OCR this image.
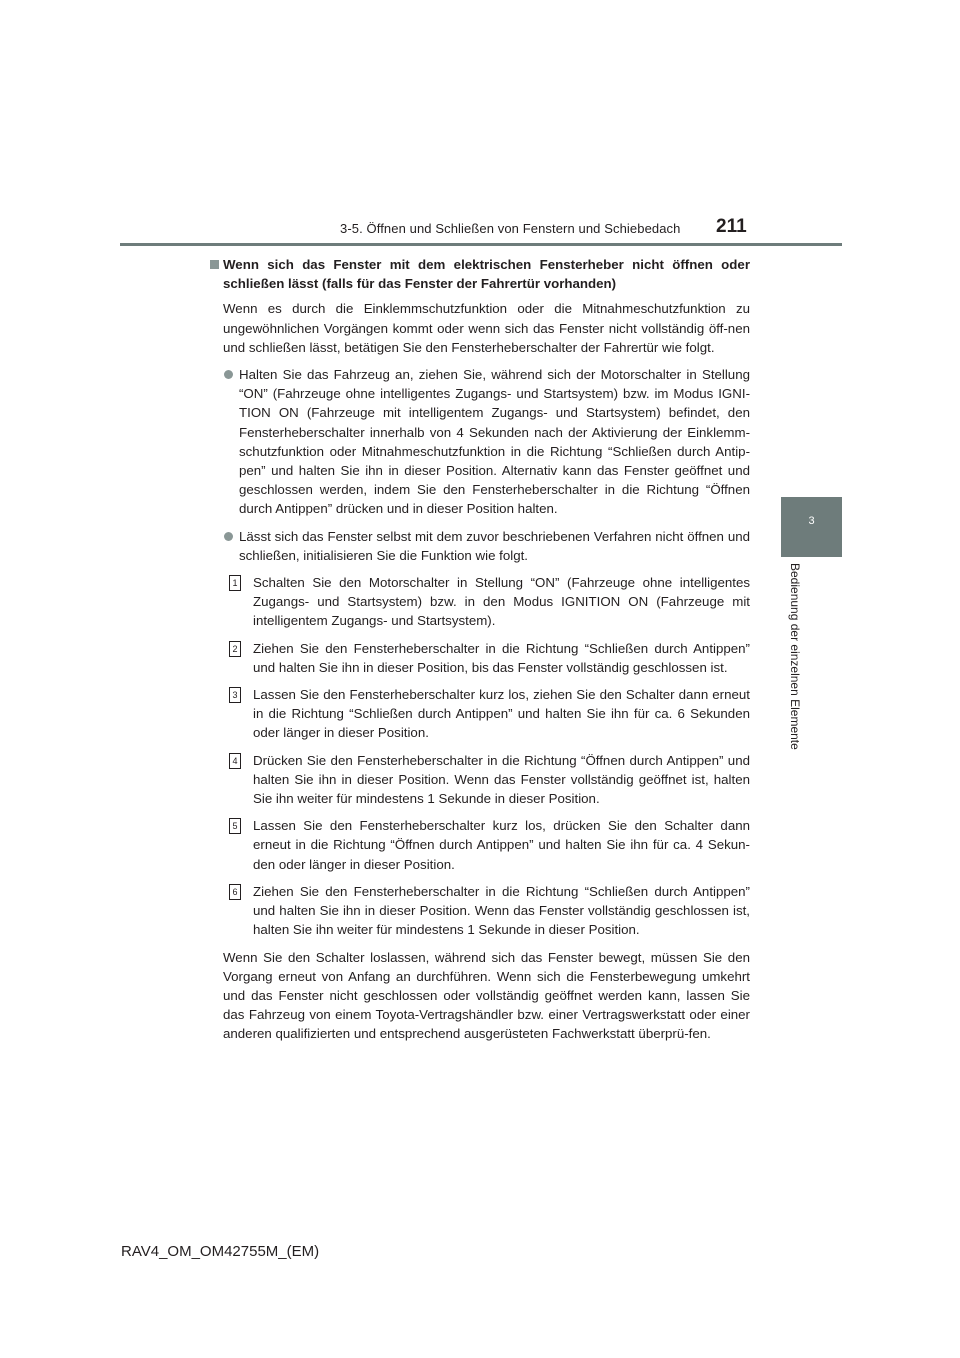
3-5. Öffnen und Schließen von Fenstern und Schiebedach 211
3
Bedienung der einzelnen Elemente
Wenn sich das Fenster mit dem elektrischen Fensterheber nicht öffnen oder schließen lässt (falls für das Fenster der Fahrertür vorhanden)
Wenn es durch die Einklemmschutzfunktion oder die Mitnahmeschutzfunktion zu ungewöhnlichen Vorgängen kommt oder wenn sich das Fenster nicht vollständig öff-nen und schließen lässt, betätigen Sie den Fensterheberschalter der Fahrertür wie folgt.
Halten Sie das Fahrzeug an, ziehen Sie, während sich der Motorschalter in Stellung “ON” (Fahrzeuge ohne intelligentes Zugangs- und Startsystem) bzw. im Modus IGNI-TION ON (Fahrzeuge mit intelligentem Zugangs- und Startsystem) befindet, den Fensterheberschalter innerhalb von 4 Sekunden nach der Aktivierung der Einklemm-schutzfunktion oder Mitnahmeschutzfunktion in die Richtung “Schließen durch Antip-pen” und halten Sie ihn in dieser Position. Alternativ kann das Fenster geöffnet und geschlossen werden, indem Sie den Fensterheberschalter in die Richtung “Öffnen durch Antippen” drücken und in dieser Position halten.
Lässt sich das Fenster selbst mit dem zuvor beschriebenen Verfahren nicht öffnen und schließen, initialisieren Sie die Funktion wie folgt.
1 Schalten Sie den Motorschalter in Stellung “ON” (Fahrzeuge ohne intelligentes Zugangs- und Startsystem) bzw. in den Modus IGNITION ON (Fahrzeuge mit intelligentem Zugangs- und Startsystem).
2 Ziehen Sie den Fensterheberschalter in die Richtung “Schließen durch Antippen” und halten Sie ihn in dieser Position, bis das Fenster vollständig geschlossen ist.
3 Lassen Sie den Fensterheberschalter kurz los, ziehen Sie den Schalter dann erneut in die Richtung “Schließen durch Antippen” und halten Sie ihn für ca. 6 Sekunden oder länger in dieser Position.
4 Drücken Sie den Fensterheberschalter in die Richtung “Öffnen durch Antippen” und halten Sie ihn in dieser Position. Wenn das Fenster vollständig geöffnet ist, halten Sie ihn weiter für mindestens 1 Sekunde in dieser Position.
5 Lassen Sie den Fensterheberschalter kurz los, drücken Sie den Schalter dann erneut in die Richtung “Öffnen durch Antippen” und halten Sie ihn für ca. 4 Sekun-den oder länger in dieser Position.
6 Ziehen Sie den Fensterheberschalter in die Richtung “Schließen durch Antippen” und halten Sie ihn in dieser Position. Wenn das Fenster vollständig geschlossen ist, halten Sie ihn weiter für mindestens 1 Sekunde in dieser Position.
Wenn Sie den Schalter loslassen, während sich das Fenster bewegt, müssen Sie den Vorgang erneut von Anfang an durchführen. Wenn sich die Fensterbewegung umkehrt und das Fenster nicht geschlossen oder vollständig geöffnet werden kann, lassen Sie das Fahrzeug von einem Toyota-Vertragshändler bzw. einer Vertragswerkstatt oder einer anderen qualifizierten und entsprechend ausgerüsteten Fachwerkstatt überprü-fen.
RAV4_OM_OM42755M_(EM)
